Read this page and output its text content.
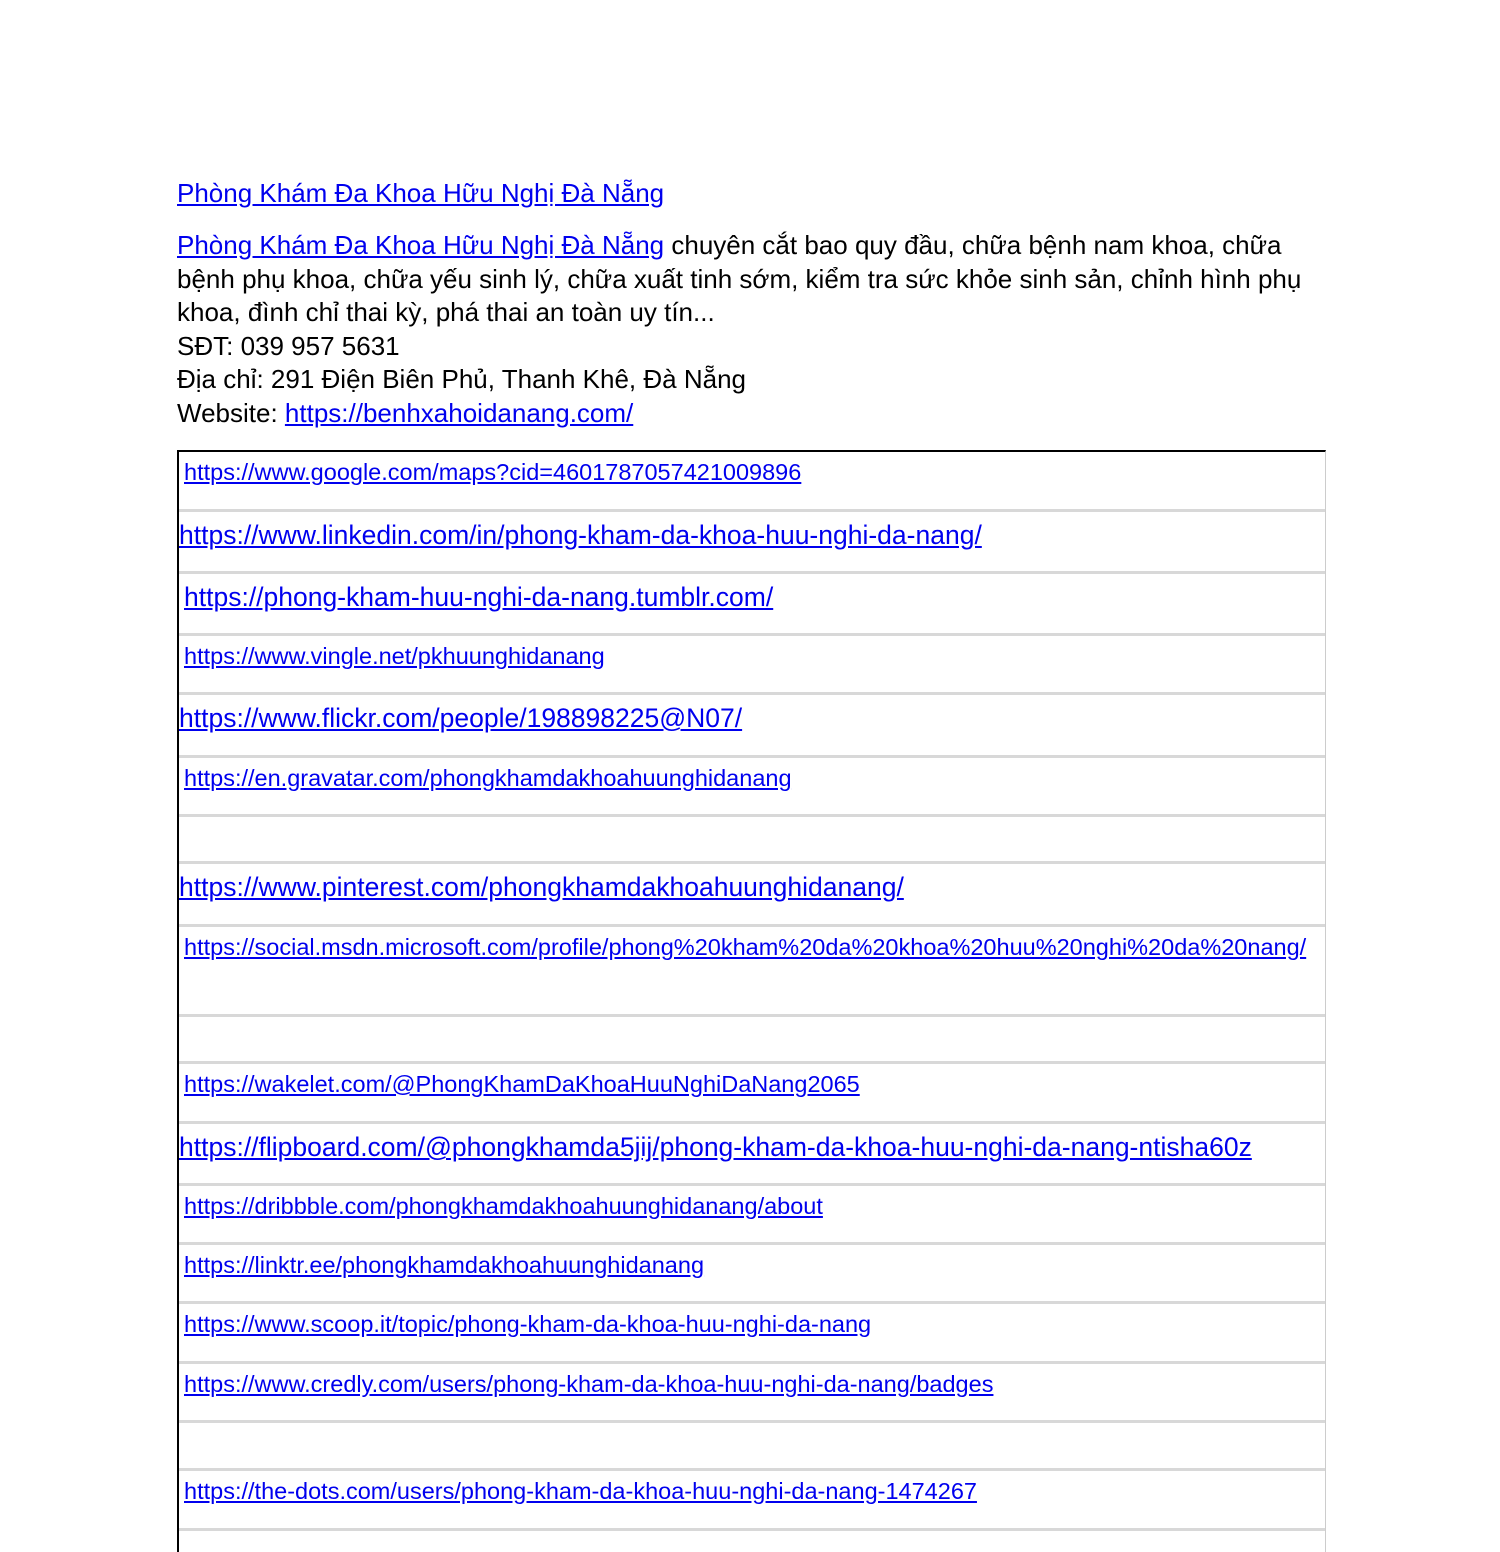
Phòng Khám Đa Khoa Hữu Nghị Đà Nẵng
Phòng Khám Đa Khoa Hữu Nghị Đà Nẵng chuyên cắt bao quy đầu, chữa bệnh nam khoa, chữa bệnh phụ khoa, chữa yếu sinh lý, chữa xuất tinh sớm, kiểm tra sức khỏe sinh sản, chỉnh hình phụ khoa, đình chỉ thai kỳ, phá thai an toàn uy tín...
SĐT: 039 957 5631
Địa chỉ: 291 Điện Biên Phủ, Thanh Khê, Đà Nẵng
Website: https://benhxahoidanang.com/
https://www.google.com/maps?cid=4601787057421009896
https://www.linkedin.com/in/phong-kham-da-khoa-huu-nghi-da-nang/
https://phong-kham-huu-nghi-da-nang.tumblr.com/
https://www.vingle.net/pkhuunghidanang
https://www.flickr.com/people/198898225@N07/
https://en.gravatar.com/phongkhamdakhoahuunghidanang
https://www.pinterest.com/phongkhamdakhoahuunghidanang/
https://social.msdn.microsoft.com/profile/phong%20kham%20da%20khoa%20huu%20nghi%20da%20nang/
https://wakelet.com/@PhongKhamDaKhoaHuuNghiDaNang2065
https://flipboard.com/@phongkhamda5jij/phong-kham-da-khoa-huu-nghi-da-nang-ntisha60z
https://dribbble.com/phongkhamdakhoahuunghidanang/about
https://linktr.ee/phongkhamdakhoahuunghidanang
https://www.scoop.it/topic/phong-kham-da-khoa-huu-nghi-da-nang
https://www.credly.com/users/phong-kham-da-khoa-huu-nghi-da-nang/badges
https://the-dots.com/users/phong-kham-da-khoa-huu-nghi-da-nang-1474267
